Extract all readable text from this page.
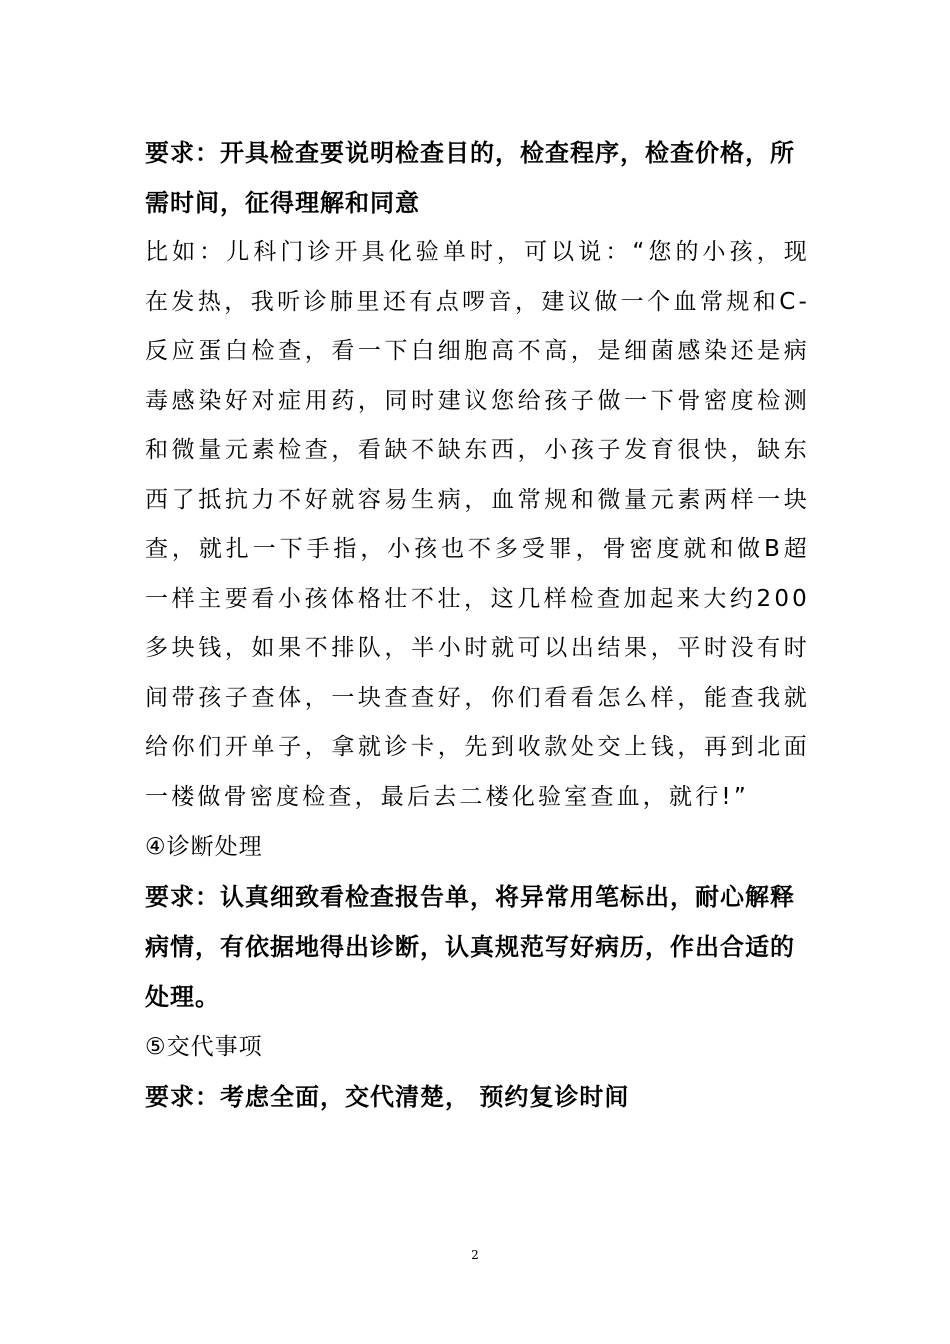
要求：开具检查要说明检查目的，检查程序，检查价格，所需时间，征得理解和同意

比如：儿科门诊开具化验单时，可以说：“您的小孩，现在发热，我听诊肺里还有点啰音，建议做一个血常规和C-反应蛋白检查，看一下白细胞高不高，是细菌感染还是病毒感染好对症用药，同时建议您给孩子做一下骨密度检测和微量元素检查，看缺不缺东西，小孩子发育很快，缺东西了抵抗力不好就容易生病，血常规和微量元素两样一块查，就扎一下手指，小孩也不多受罪，骨密度就和做B超一样主要看小孩体格壮不壮，这几样检查加起来大约200多块钱，如果不排队，半小时就可以出结果，平时没有时间带孩子查体，一块查查好，你们看看怎么样，能查我就给你们开单子，拿就诊卡，先到收款处交上钱，再到北面一楼做骨密度检查，最后去二楼化验室查血，就行!”

④诊断处理

要求：认真细致看检查报告单，将异常用笔标出，耐心解释病情，有依据地得出诊断，认真规范写好病历，作出合适的处理。

⑤交代事项

要求：考虑全面，交代清楚， 预约复诊时间

2
